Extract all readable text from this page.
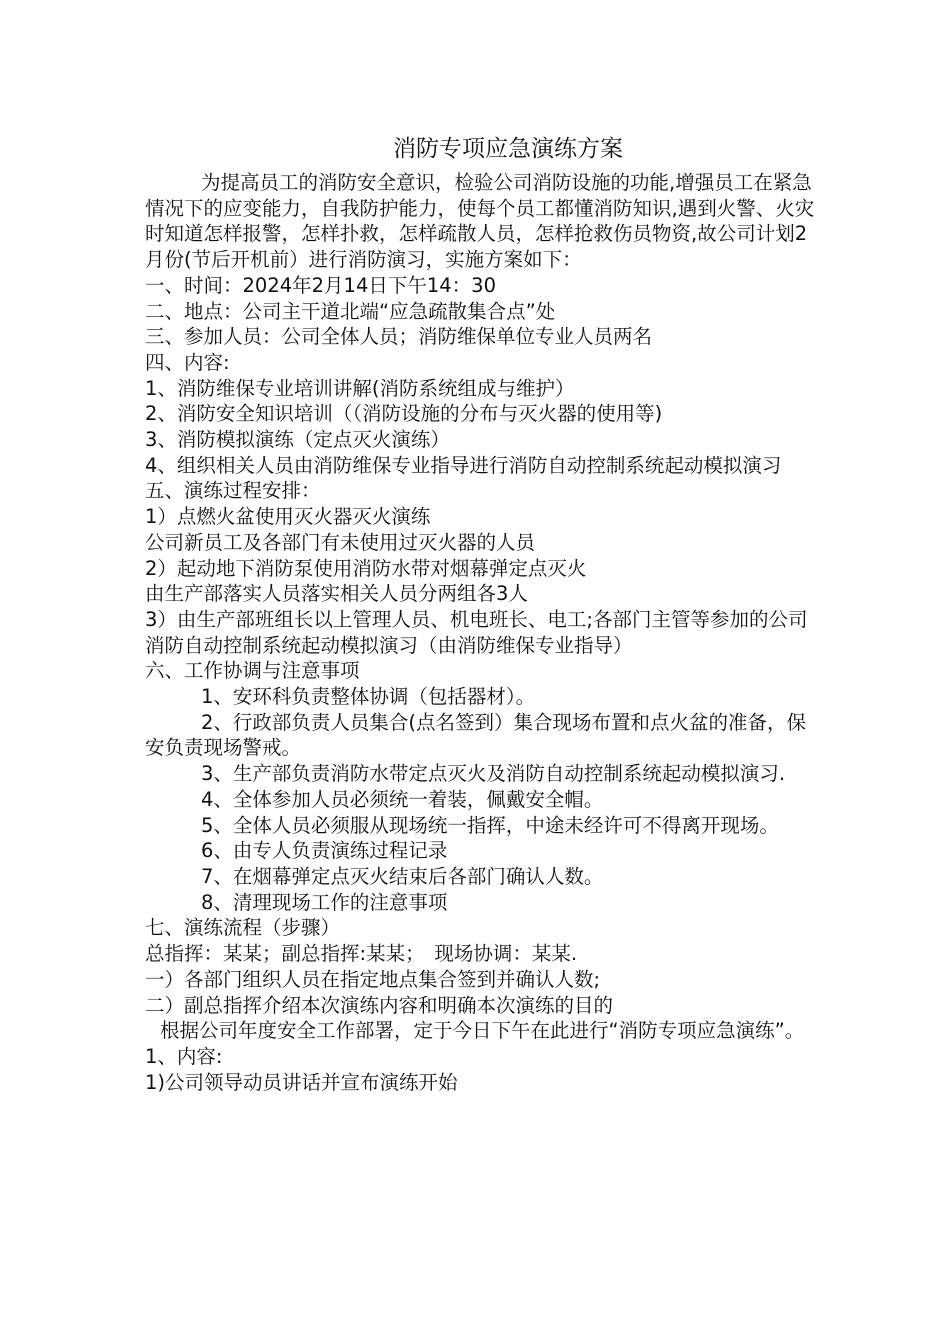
消防专项应急演练方案

为提高员工的消防安全意识，检验公司消防设施的功能,增强员工在紧急情况下的应变能力，自我防护能力，使每个员工都懂消防知识,遇到火警、火灾时知道怎样报警，怎样扑救，怎样疏散人员，怎样抢救伤员物资,故公司计划2月份(节后开机前）进行消防演习，实施方案如下：

一、时间：2024年2月14日下午14：30

二、地点：公司主干道北端“应急疏散集合点”处

三、参加人员：公司全体人员；消防维保单位专业人员两名

四、内容:

1、消防维保专业培训讲解(消防系统组成与维护）

2、消防安全知识培训（（消防设施的分布与灭火器的使用等)

3、消防模拟演练（定点灭火演练）

4、组织相关人员由消防维保专业指导进行消防自动控制系统起动模拟演习

五、演练过程安排：

1）点燃火盆使用灭火器灭火演练

公司新员工及各部门有未使用过灭火器的人员

2）起动地下消防泵使用消防水带对烟幕弹定点灭火

由生产部落实人员落实相关人员分两组各3人

3）由生产部班组长以上管理人员、机电班长、电工;各部门主管等参加的公司消防自动控制系统起动模拟演习（由消防维保专业指导）

六、工作协调与注意事项

1、安环科负责整体协调（包括器材）。

2、行政部负责人员集合(点名签到）集合现场布置和点火盆的准备，保安负责现场警戒。

3、生产部负责消防水带定点灭火及消防自动控制系统起动模拟演习.

4、全体参加人员必须统一着装，佩戴安全帽。

5、全体人员必须服从现场统一指挥，中途未经许可不得离开现场。

6、由专人负责演练过程记录

7、在烟幕弹定点灭火结束后各部门确认人数。

8、清理现场工作的注意事项

七、演练流程（步骤）

总指挥：某某；副总指挥:某某；　现场协调：某某.

一）各部门组织人员在指定地点集合签到并确认人数;

二）副总指挥介绍本次演练内容和明确本次演练的目的

根据公司年度安全工作部署，定于今日下午在此进行“消防专项应急演练”。

1、内容:

1)公司领导动员讲话并宣布演练开始
